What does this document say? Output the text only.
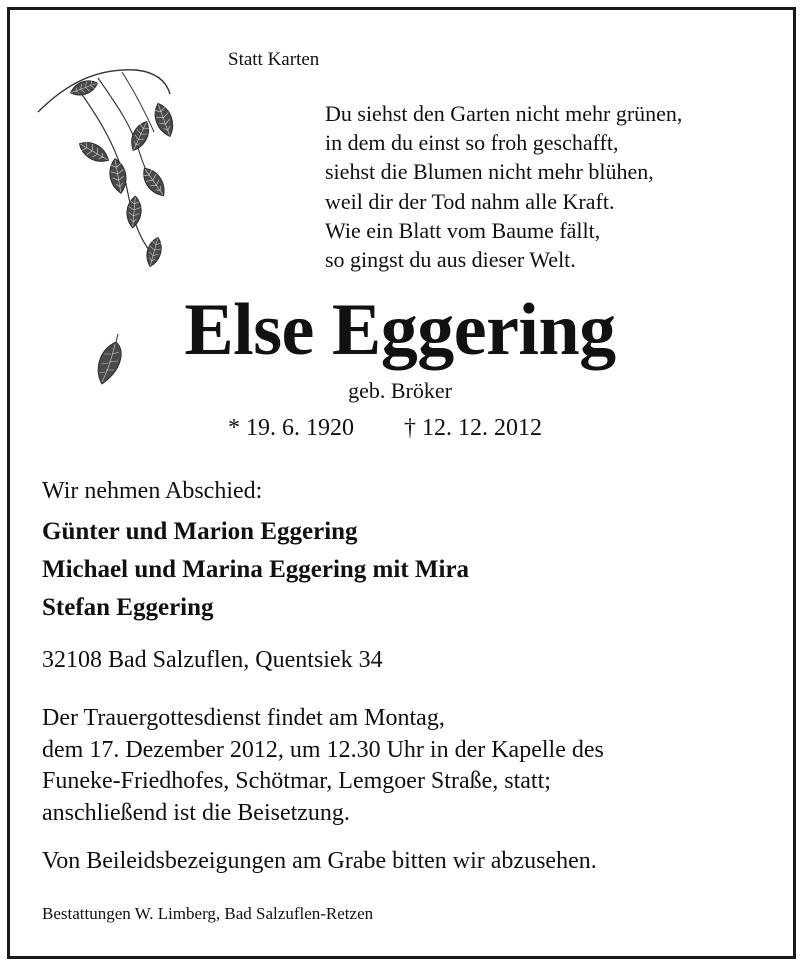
Statt Karten
Du siehst den Garten nicht mehr grünen,
in dem du einst so froh geschafft,
siehst die Blumen nicht mehr blühen,
weil dir der Tod nahm alle Kraft.
Wie ein Blatt vom Baume fällt,
so gingst du aus dieser Welt.
Else Eggering
geb. Bröker
* 19. 6. 1920 † 12. 12. 2012
Wir nehmen Abschied:
Günter und Marion Eggering
Michael und Marina Eggering mit Mira
Stefan Eggering
32108 Bad Salzuflen, Quentsiek 34
Der Trauergottesdienst findet am Montag,
dem 17. Dezember 2012, um 12.30 Uhr in der Kapelle des
Funeke-Friedhofes, Schötmar, Lemgoer Straße, statt;
anschließend ist die Beisetzung.
Von Beileidsbezeigungen am Grabe bitten wir abzusehen.
Bestattungen W. Limberg, Bad Salzuflen-Retzen
